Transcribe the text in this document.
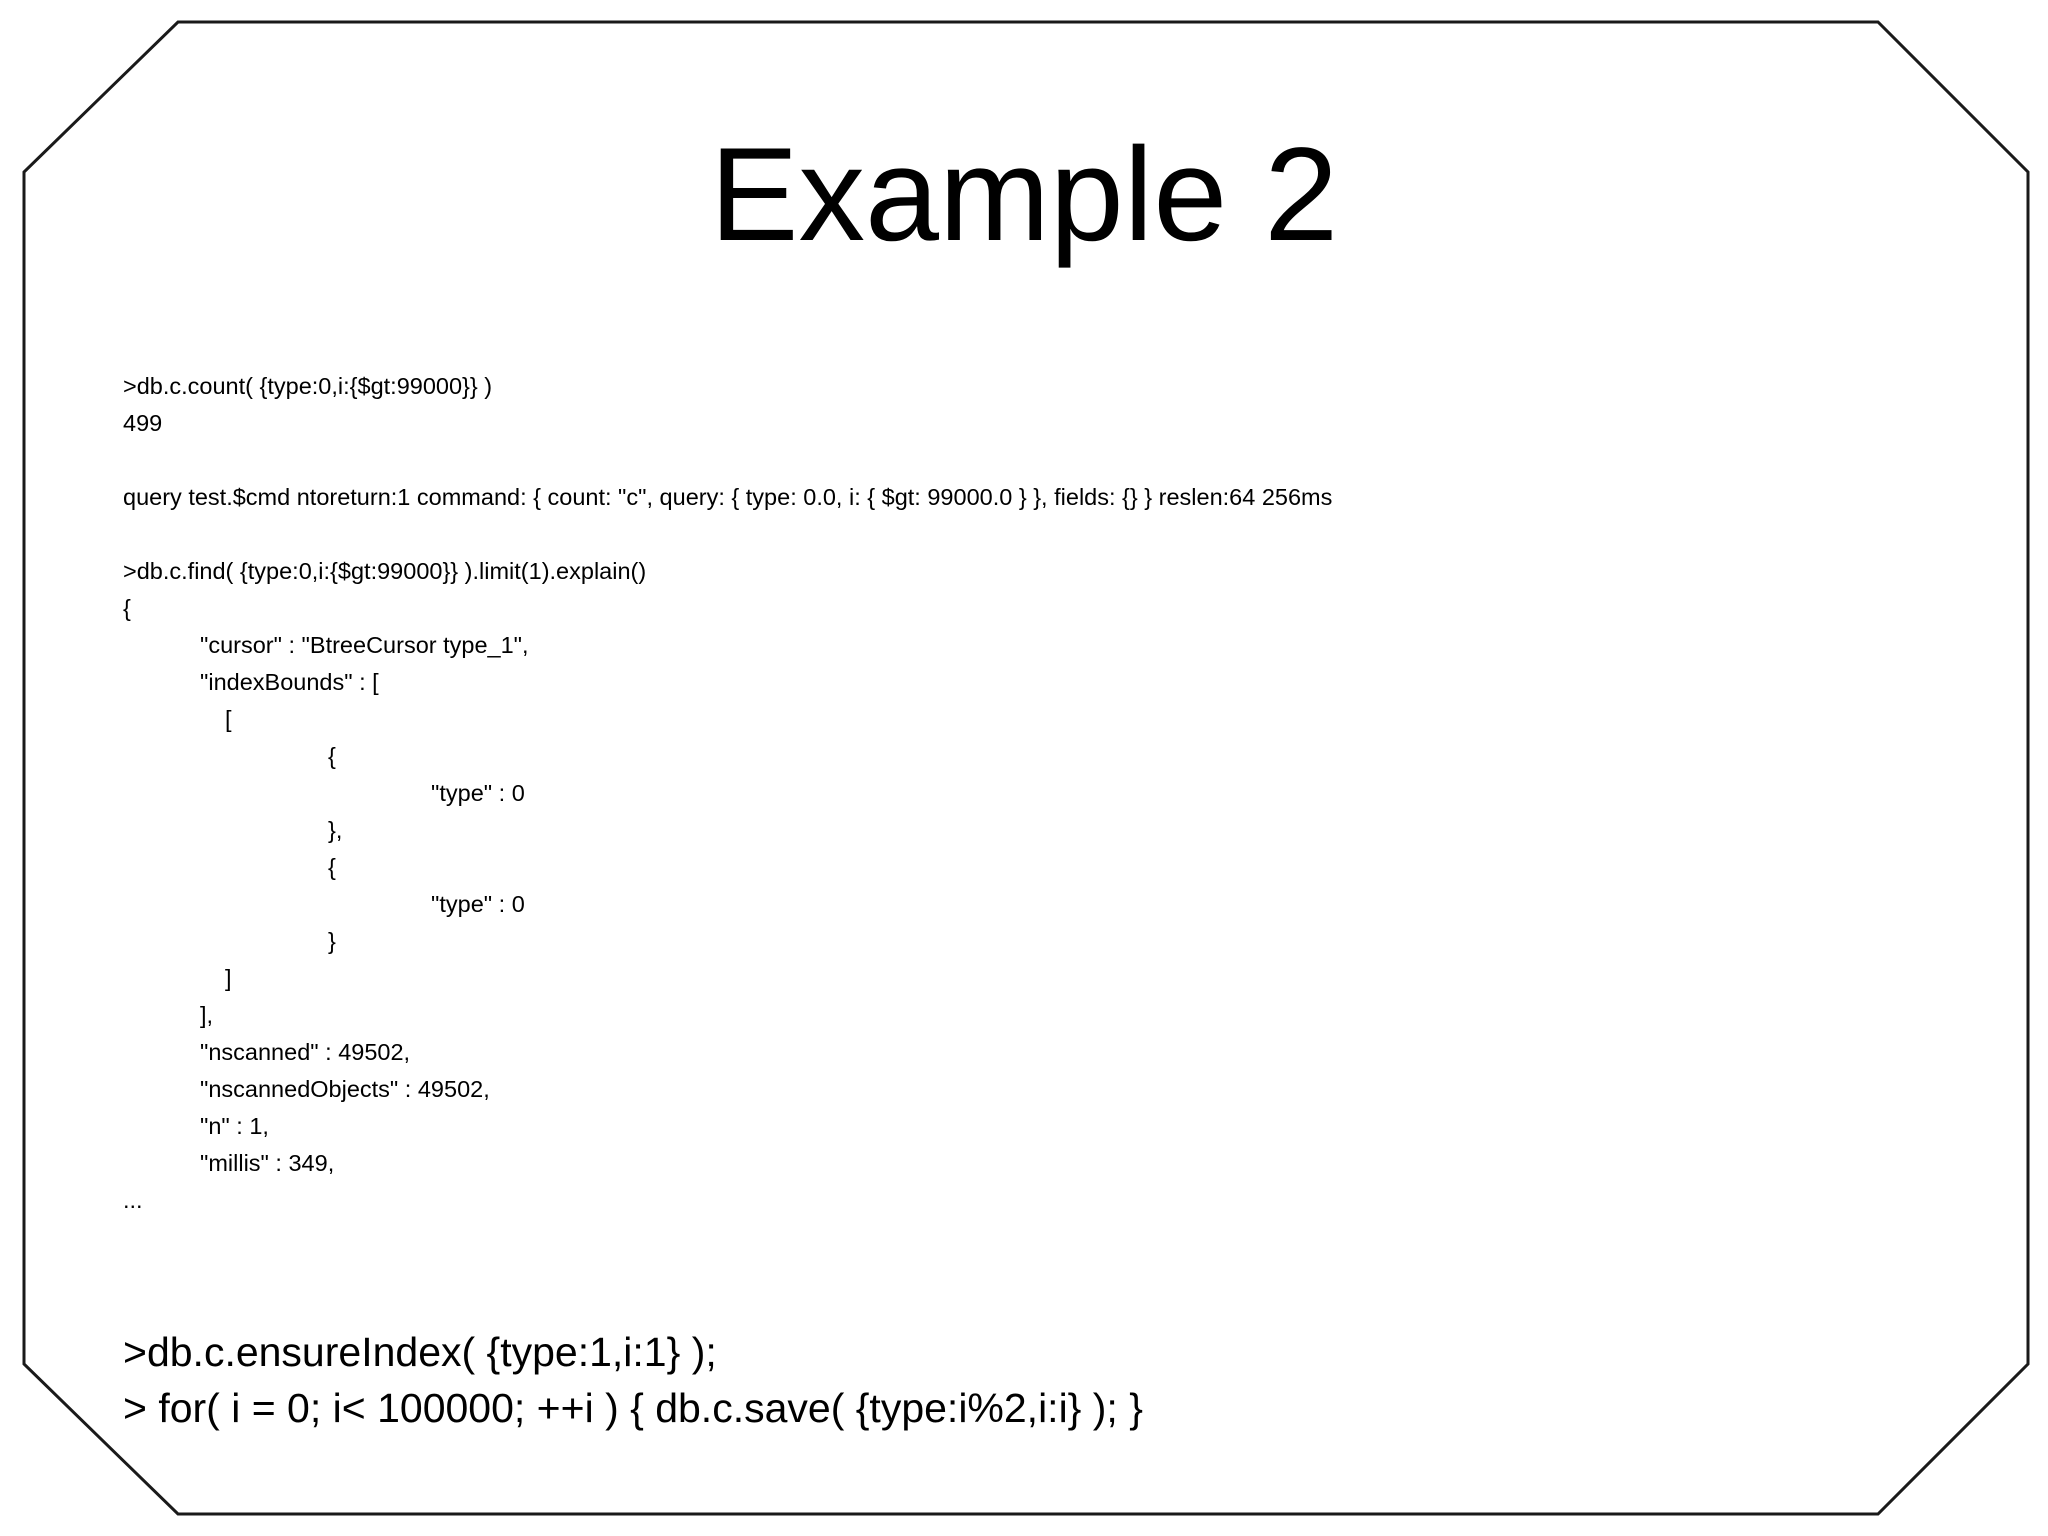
Example 2
>db.c.count( {type:0,i:{$gt:99000}} )
499
query test.$cmd ntoreturn:1 command: { count: "c", query: { type: 0.0, i: { $gt: 99000.0 } }, fields: {} } reslen:64 256ms
>db.c.find( {type:0,i:{$gt:99000}} ).limit(1).explain()
{
"cursor" : "BtreeCursor type_1",
"indexBounds" : [
[
{
"type" : 0
},
{
"type" : 0
}
]
],
"nscanned" : 49502,
"nscannedObjects" : 49502,
"n" : 1,
"millis" : 349,
...
>db.c.ensureIndex( {type:1,i:1} );
> for( i = 0; i< 100000; ++i ) { db.c.save( {type:i%2,i:i} ); }
